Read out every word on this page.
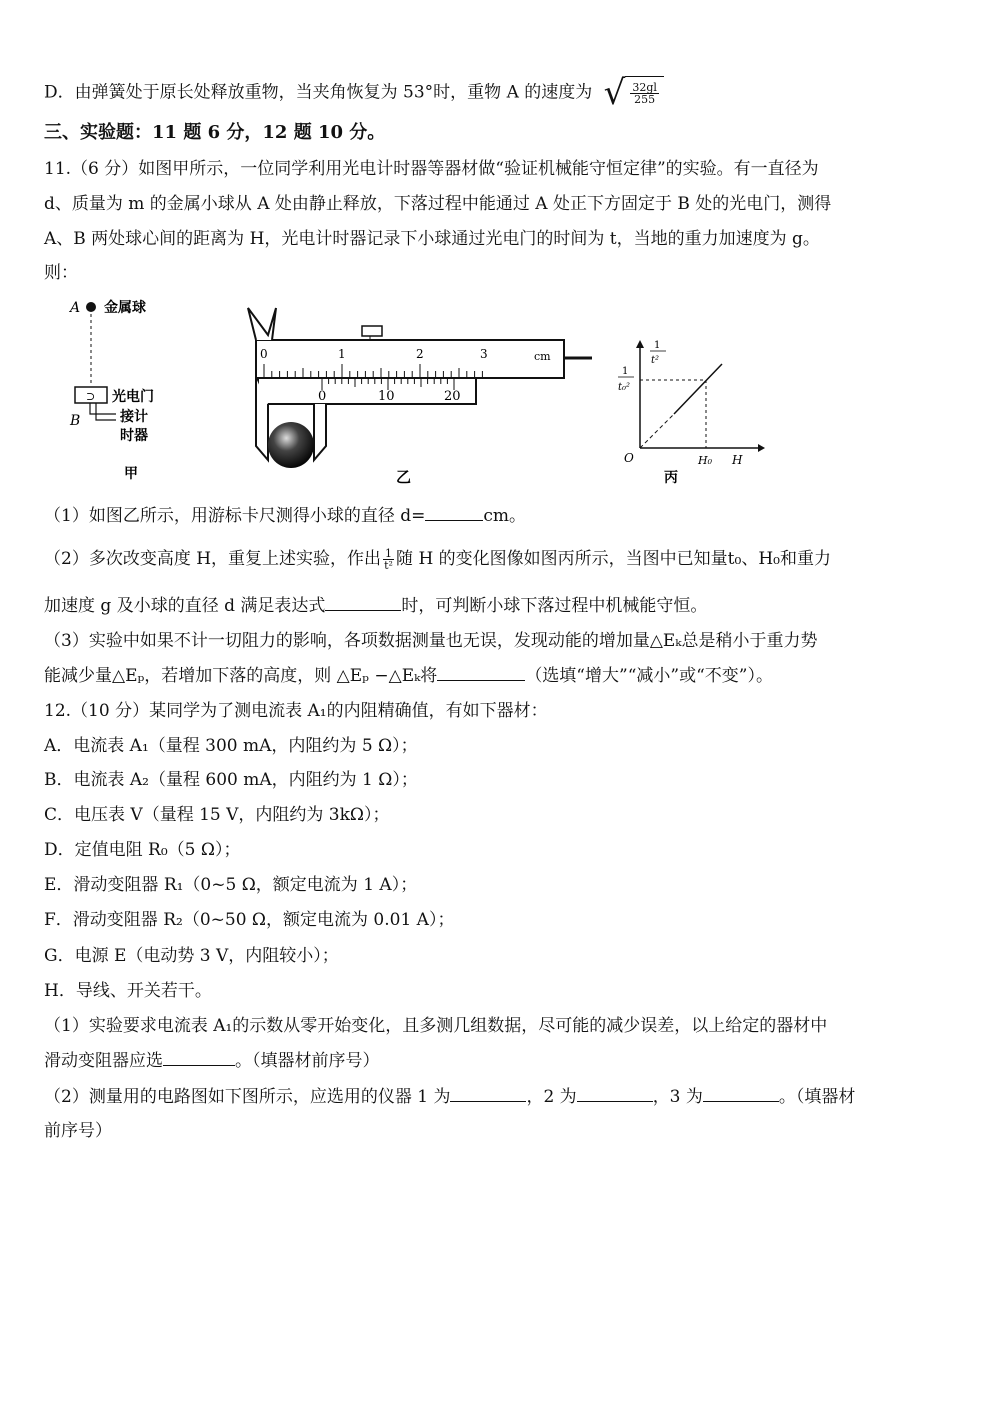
D．由弹簧处于原长处释放重物，当夹角恢复为 53°时，重物 A 的速度为 √ $\frac{32gl}{255}$
三、实验题：11 题 6 分，12 题 10 分。
11.（6 分）如图甲所示，一位同学利用光电计时器等器材做“验证机械能守恒定律”的实验。有一直径为
d、质量为 m 的金属小球从 A 处由静止释放，下落过程中能通过 A 处正下方固定于 B 处的光电门，测得
A、B 两处球心间的距离为 H，光电计时器记录下小球通过光电门的时间为 t，当地的重力加速度为 g。
则：
A 金属球
⊃ 光电门
B	接计
时器
甲
0	1	2	3	cm
0	10	20
乙
1
t²
1
t₀²
O	H₀ H
丙
（1）如图乙所示，用游标卡尺测得小球的直径 d=	cm。
（2）多次改变高度 H，重复上述实验，作出 $\frac{1}{\text{t²}}$ 随 H 的变化图像如图丙所示，当图中已知量t₀、H₀和重力
加速度 g 及小球的直径 d 满足表达式	时，可判断小球下落过程中机械能守恒。
（3）实验中如果不计一切阻力的影响，各项数据测量也无误，发现动能的增加量△Eₖ总是稍小于重力势
能减少量△Eₚ，若增加下落的高度，则 △Eₚ −△Eₖ将	（选填“增大”“减小”或“不变”）。
12.（10 分）某同学为了测电流表 A₁的内阻精确值，有如下器材：
A．电流表 A₁（量程 300 mA，内阻约为 5 Ω）；
B．电流表 A₂（量程 600 mA，内阻约为 1 Ω）；
C．电压表 V（量程 15 V，内阻约为 3kΩ）；
D．定值电阻 R₀（5 Ω）；
E．滑动变阻器 R₁（0~5 Ω，额定电流为 1 A）；
F．滑动变阻器 R₂（0~50 Ω，额定电流为 0.01 A）；
G．电源 E（电动势 3 V，内阻较小）；
H．导线、开关若干。
（1）实验要求电流表 A₁的示数从零开始变化，且多测几组数据，尽可能的减少误差，以上给定的器材中
滑动变阻器应选	。（填器材前序号）
（2）测量用的电路图如下图所示，应选用的仪器 1 为	，2 为	，3 为	。（填器材
前序号）
